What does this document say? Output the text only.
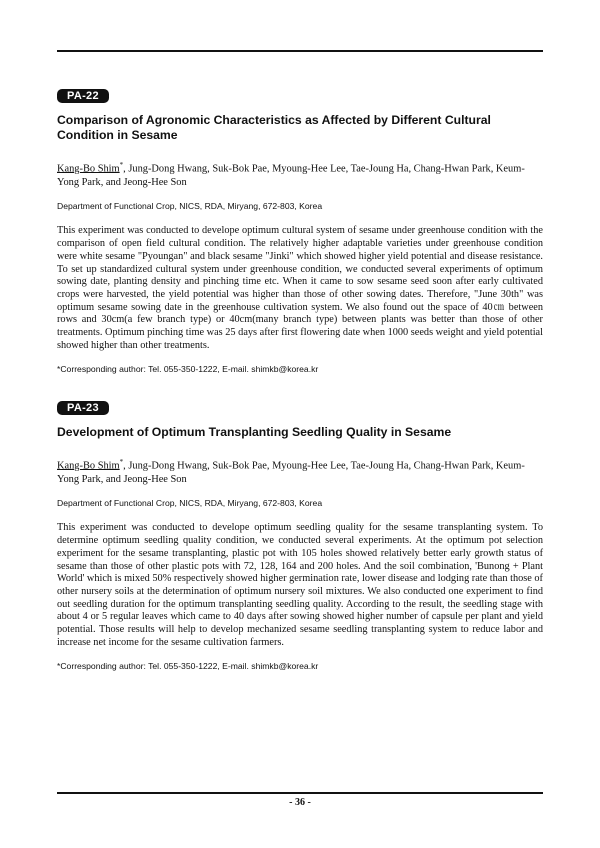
PA-22
Comparison of Agronomic Characteristics as Affected by Different Cultural Condition in Sesame
Kang-Bo Shim*, Jung-Dong Hwang, Suk-Bok Pae, Myoung-Hee Lee, Tae-Joung Ha, Chang-Hwan Park, Keum-Yong Park, and Jeong-Hee Son
Department of Functional Crop, NICS, RDA, Miryang, 672-803, Korea
This experiment was conducted to develope optimum cultural system of sesame under greenhouse condition with the comparison of open field cultural condition. The relatively higher adaptable varieties under greenhouse condition were white sesame "Pyoungan" and black sesame "Jinki" which showed higher yield potential and disease resistance. To set up standardized cultural system under greenhouse condition, we conducted several experiments of optimum sowing date, planting density and pinching time etc. When it came to sow sesame seed soon after early cultivated crops were harvested, the yield potential was higher than those of other sowing dates. Therefore, "June 30th" was optimum sesame sowing date in the greenhouse cultivation system. We also found out the space of 40㎝ between rows and 30cm(a few branch type) or 40cm(many branch type) between plants was better than those of other treatments. Optimum pinching time was 25 days after first flowering date when 1000 seeds weight and yield potential showed higher than other treatments.
*Corresponding author: Tel. 055-350-1222, E-mail. shimkb@korea.kr
PA-23
Development of Optimum Transplanting Seedling Quality in Sesame
Kang-Bo Shim*, Jung-Dong Hwang, Suk-Bok Pae, Myoung-Hee Lee, Tae-Joung Ha, Chang-Hwan Park, Keum-Yong Park, and Jeong-Hee Son
Department of Functional Crop, NICS, RDA, Miryang, 672-803, Korea
This experiment was conducted to develope optimum seedling quality for the sesame transplanting system. To determine optimum seedling quality condition, we conducted several experiments. At the optimum pot selection experiment for the sesame transplanting, plastic pot with 105 holes showed relatively better early growth status of sesame than those of other plastic pots with 72, 128, 164 and 200 holes. And the soil combination, 'Bunong + Plant World' which is mixed 50% respectively showed higher germination rate, lower disease and lodging rate than those of other nursery soils at the determination of optimum nursery soil mixtures. We also conducted one experiment to find out seedling duration for the optimum transplanting seedling quality. According to the result, the seedling stage with about 4 or 5 regular leaves which came to 40 days after sowing showed higher number of capsule per plant and yield potential. Those results will help to develop mechanized sesame seedling transplanting system to reduce labor and increase net income for the sesame cultivation farmers.
*Corresponding author: Tel. 055-350-1222, E-mail. shimkb@korea.kr
- 36 -
